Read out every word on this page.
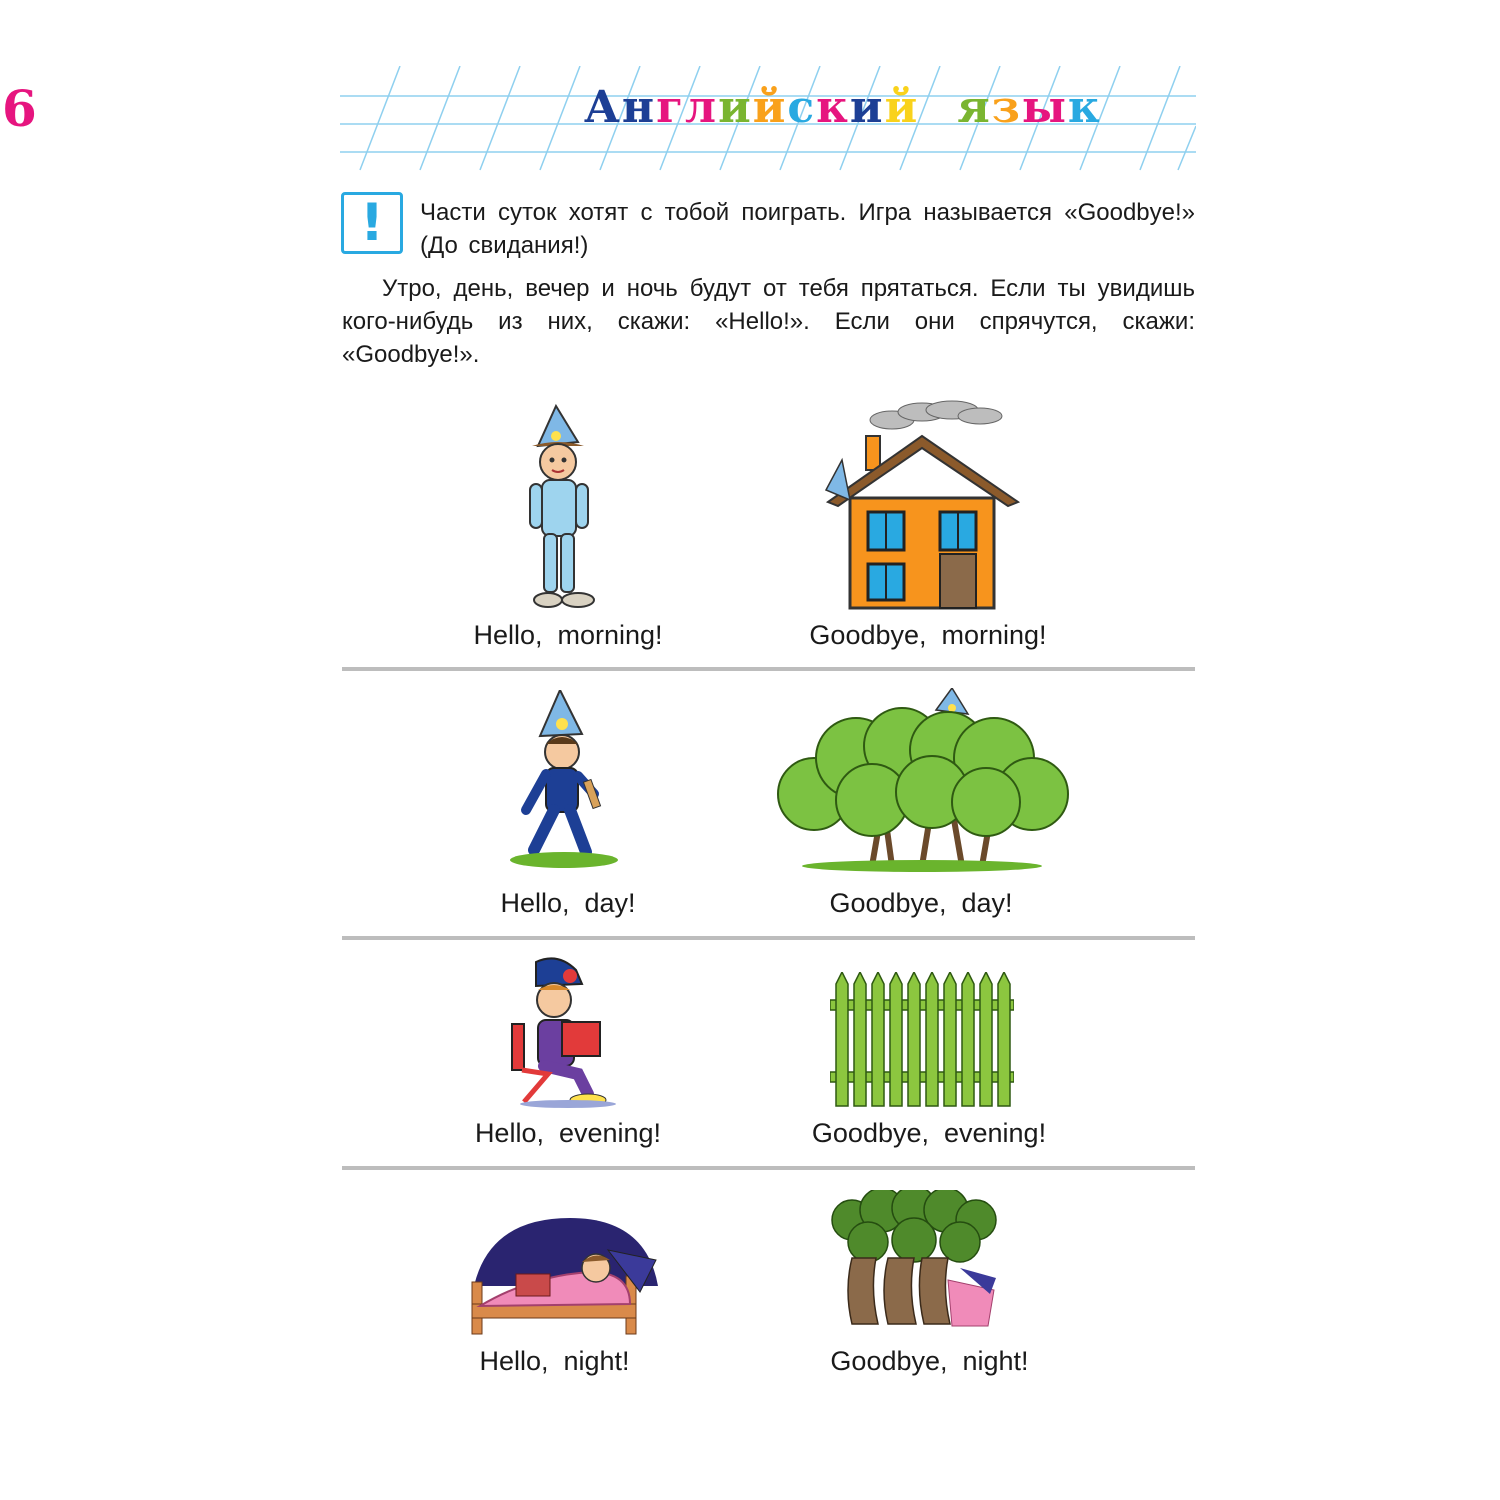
6	Английский язык
! Части суток хотят с тобой поиграть. Игра называется «Goodbye!» (До свидания!)
Утро, день, вечер и ночь будут от тебя прятаться. Если ты увидишь кого-нибудь из них, скажи: «Hello!». Если они спрячутся, скажи: «Goodbye!».
Hello,  morning!	Goodbye,  morning!
Hello,  day!	Goodbye,  day!
Hello,  evening!	Goodbye,  evening!
Hello,  night!	Goodbye,  night!
